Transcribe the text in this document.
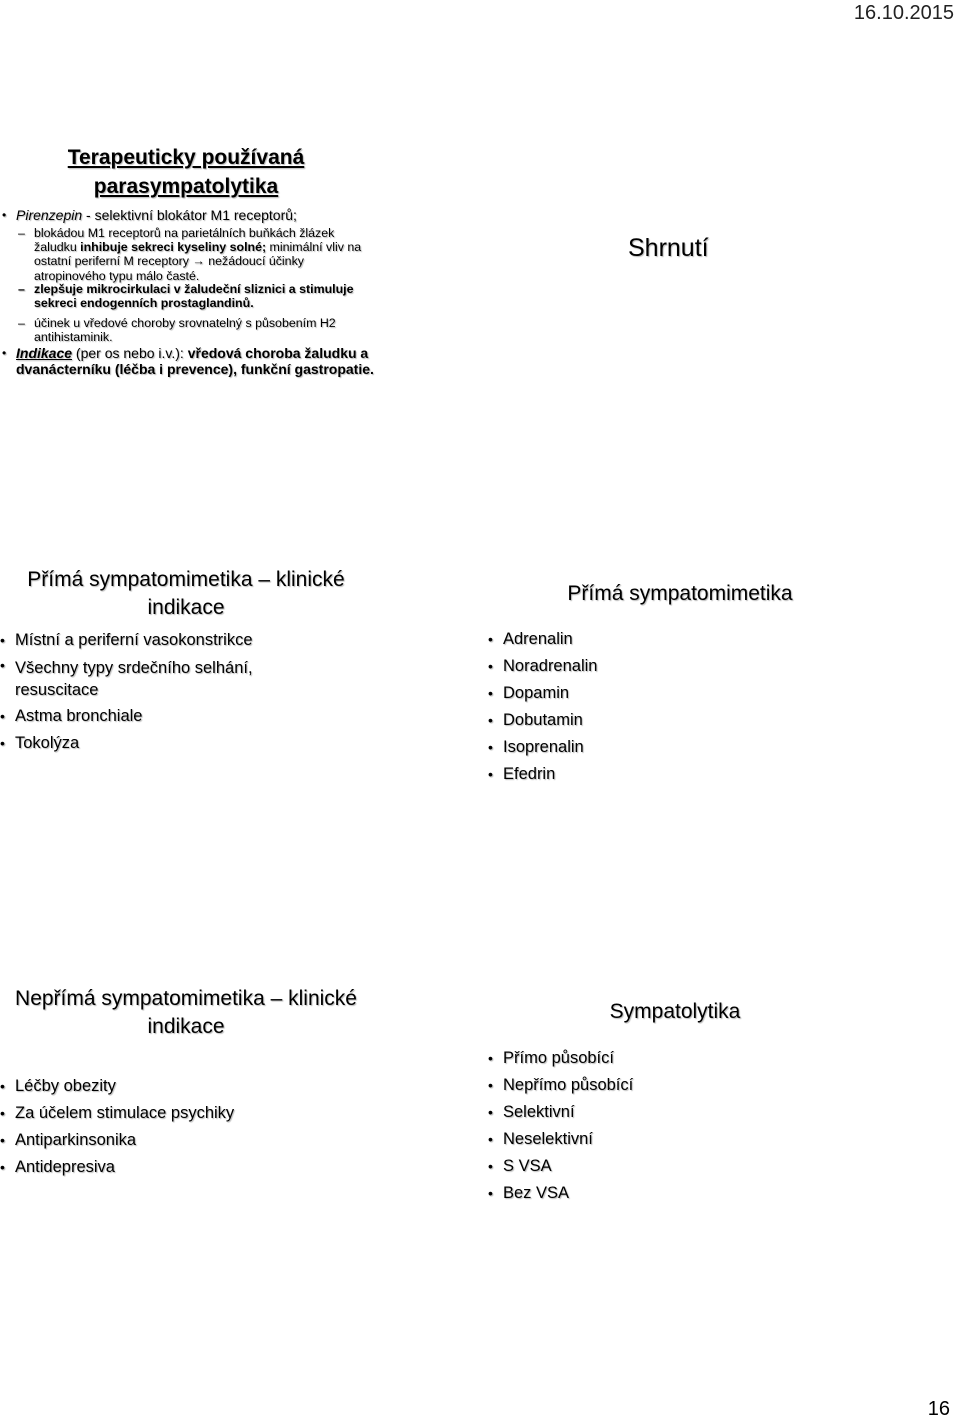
16.10.2015
Terapeuticky používaná
parasympatolytika
• Pirenzepin - selektivní blokátor M1 receptorů;
– blokádou M1 receptorů na parietálních buňkách žlázek žaludku inhibuje sekreci kyseliny solné; minimální vliv na ostatní periferní M receptory → nežádoucí účinky atropinového typu málo časté.
– zlepšuje mikrocirkulaci v žaludeční sliznici a stimuluje sekreci endogenních prostaglandinů.
– účinek u vředové choroby srovnatelný s působením H2 antihistaminik.
• Indikace (per os nebo i.v.): vředová choroba žaludku a dvanácterníku (léčba i prevence), funkční gastropatie.
Shrnutí
Přímá sympatomimetika – klinické indikace
• Místní a periferní vasokonstrikce
• Všechny typy srdečního selhání, resuscitace
• Astma bronchiale
• Tokolýza
Přímá sympatomimetika
• Adrenalin
• Noradrenalin
• Dopamin
• Dobutamin
• Isoprenalin
• Efedrin
Nepřímá sympatomimetika – klinické indikace
• Léčby obezity
• Za účelem stimulace psychiky
• Antiparkinsonika
• Antidepresiva
Sympatolytika
• Přímo působící
• Nepřímo působící
• Selektivní
• Neselektivní
• S VSA
• Bez VSA
16
